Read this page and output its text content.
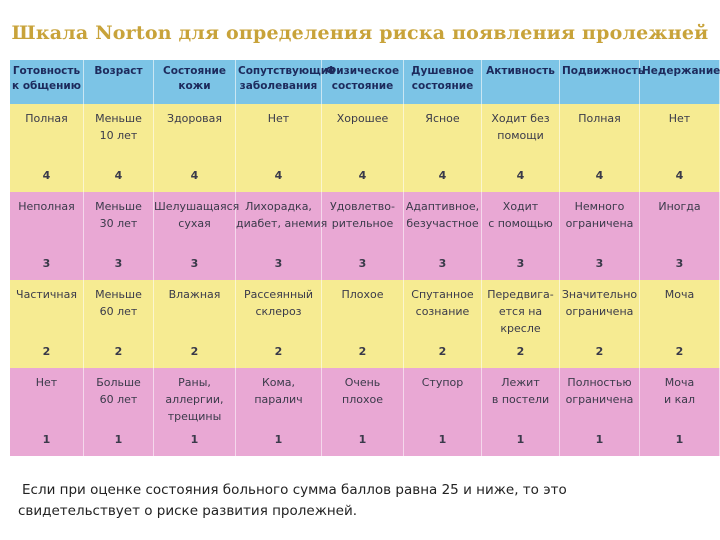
Шкала Norton для определения риска появления пролежней
Готовность
к общению
Возраст	Состояние
кожи
Сопутствующие
заболевания
Физическое
состояние
Душевное
состояние
Активность Подвижность
Недержание
Полная
4
Меньше
10 лет
4
Здоровая
4
Нет
4
Хорошее
4
Ясное
4
Ходит без
помощи
4
Полная
4
Нет
4
Неполная
3
Меньше
30 лет
3
Шелушащаяся
сухая
3
Лихорадка,
диабет, анемия
3
Удовлетво-
рительное
3
Адаптивное,
безучастное
3
Ходит
с помощью
3
Немного
ограничена
3
Иногда
3
Частичная
2
Меньше
60 лет
2
Влажная
2
Рассеянный
склероз
2
Плохое
2
Спутанное
сознание
2
Передвига-
ется на
кресле
2
Значительно
ограничена
2
Моча
2
Нет
1
Больше
60 лет
1
Раны,
аллергии,
трещины
1
Кома,
паралич
1
Очень
плохое
1
Ступор
1
Лежит
в постели
1
Полностью
ограничена
1
Моча
и кал
1
Если при оценке состояния больного сумма баллов равна 25 и ниже, то это
свидетельствует о риске развития пролежней.
